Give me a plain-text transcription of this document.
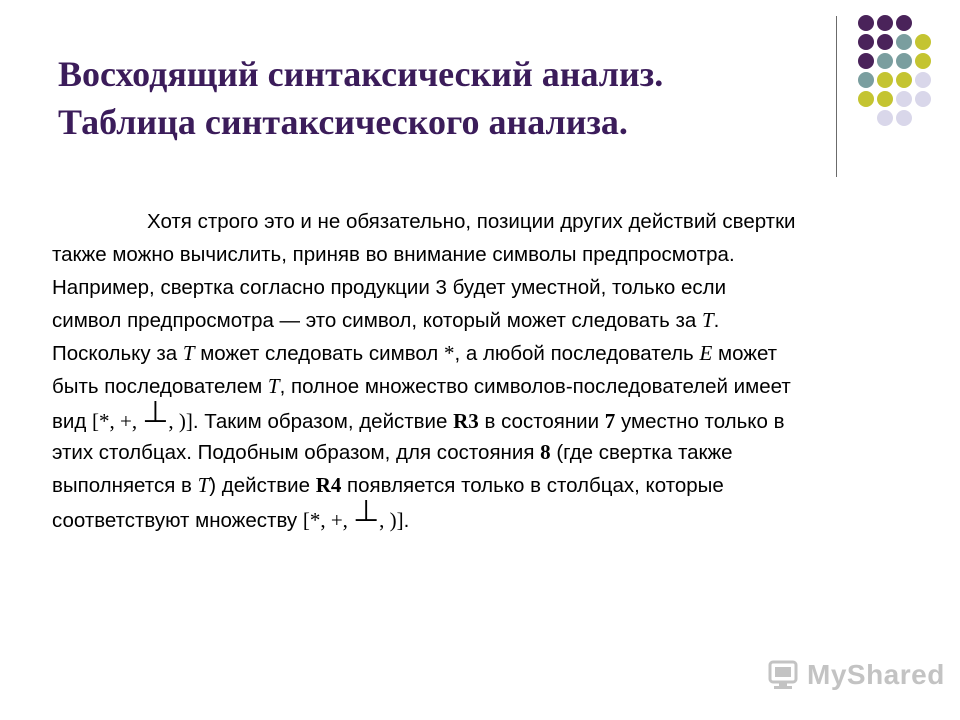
Восходящий синтаксический анализ.
Таблица синтаксического анализа.
Хотя строго это и не обязательно, позиции других действий свертки
также можно вычислить, приняв во внимание символы предпросмотра.
Например, свертка согласно продукции 3 будет уместной, только если
символ предпросмотра — это символ, который может следовать за T.
Поскольку за T может следовать символ *, а любой последователь E может
быть последователем T, полное множество символов-последователей имеет
вид [*, +, ⊥, )]. Таким образом, действие R3 в состоянии 7 уместно только в
этих столбцах. Подобным образом, для состояния 8 (где свертка также
выполняется в T) действие R4 появляется только в столбцах, которые
соответствуют множеству [*, +, ⊥, )].
MyShared
